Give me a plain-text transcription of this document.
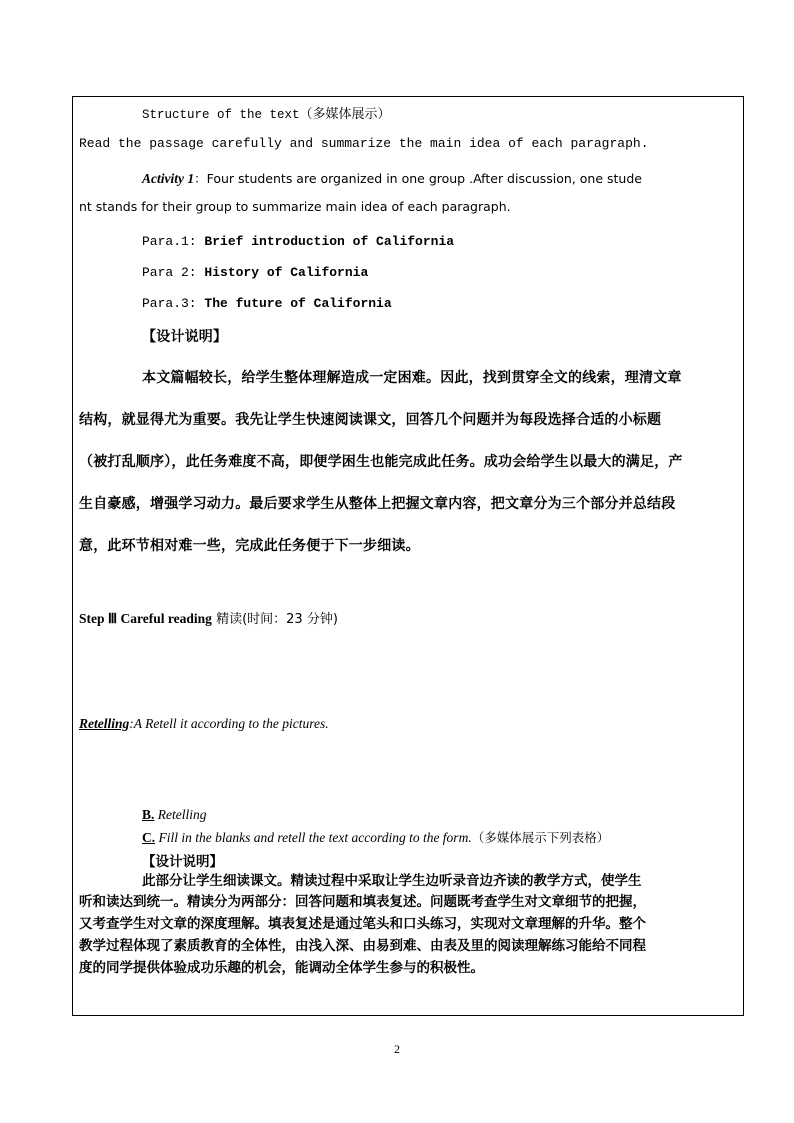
Structure of the text（多媒体展示）
Read the passage carefully and summarize the main idea of each paragraph.
Activity 1：Four students are organized in one group .After discussion, one stude
nt stands for their group to summarize main idea of each paragraph.
Para.1: Brief introduction of California
Para 2: History of California
Para.3: The future of California
【设计说明】
本文篇幅较长，给学生整体理解造成一定困难。因此，找到贯穿全文的线索，理清文章
结构，就显得尤为重要。我先让学生快速阅读课文，回答几个问题并为每段选择合适的小标题
（被打乱顺序），此任务难度不高，即便学困生也能完成此任务。成功会给学生以最大的满足，产
生自豪感，增强学习动力。最后要求学生从整体上把握文章内容，把文章分为三个部分并总结段
意，此环节相对难一些，完成此任务便于下一步细读。
Step Ⅲ Careful reading 精读(时间：23 分钟)
Retelling:A Retell it according to the pictures.
B. Retelling
C. Fill in the blanks and retell the text according to the form.（多媒体展示下列表格）
【设计说明】
此部分让学生细读课文。精读过程中采取让学生边听录音边齐读的教学方式，使学生
听和读达到统一。精读分为两部分：回答问题和填表复述。问题既考查学生对文章细节的把握，
又考查学生对文章的深度理解。填表复述是通过笔头和口头练习，实现对文章理解的升华。整个
教学过程体现了素质教育的全体性，由浅入深、由易到难、由表及里的阅读理解练习能给不同程
度的同学提供体验成功乐趣的机会，能调动全体学生参与的积极性。
2
